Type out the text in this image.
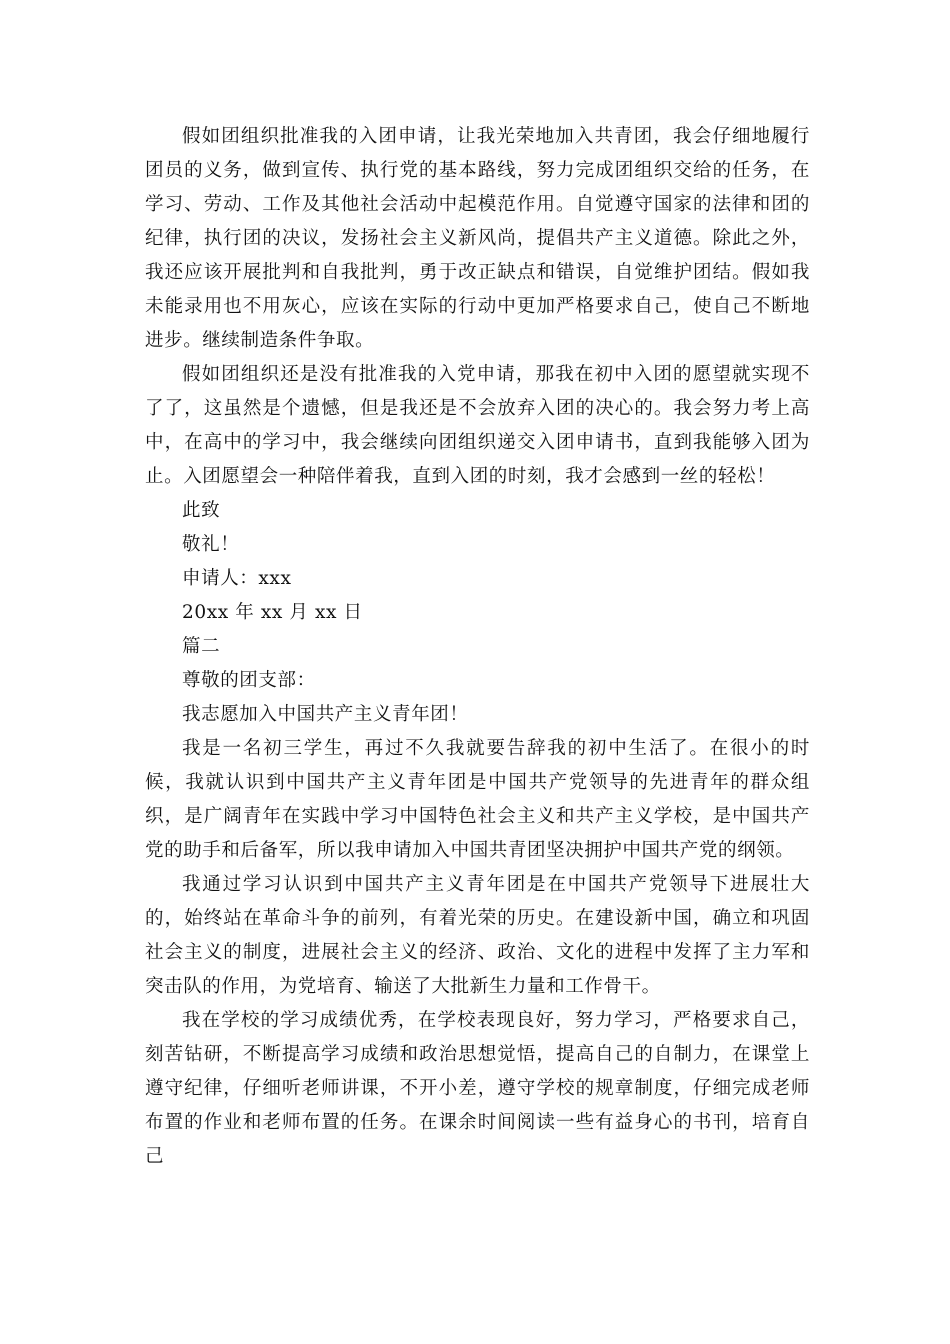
假如团组织批准我的入团申请，让我光荣地加入共青团，我会仔细地履行团员的义务，做到宣传、执行党的基本路线，努力完成团组织交给的任务，在学习、劳动、工作及其他社会活动中起模范作用。自觉遵守国家的法律和团的纪律，执行团的决议，发扬社会主义新风尚，提倡共产主义道德。除此之外，我还应该开展批判和自我批判，勇于改正缺点和错误，自觉维护团结。假如我未能录用也不用灰心，应该在实际的行动中更加严格要求自己，使自己不断地进步。继续制造条件争取。

假如团组织还是没有批准我的入党申请，那我在初中入团的愿望就实现不了了，这虽然是个遗憾，但是我还是不会放弃入团的决心的。我会努力考上高中，在高中的学习中，我会继续向团组织递交入团申请书，直到我能够入团为止。入团愿望会一种陪伴着我，直到入团的时刻，我才会感到一丝的轻松！

此致

敬礼！

申请人：xxx

20xx 年 xx 月 xx 日

篇二

尊敬的团支部：

我志愿加入中国共产主义青年团！

我是一名初三学生，再过不久我就要告辞我的初中生活了。在很小的时候，我就认识到中国共产主义青年团是中国共产党领导的先进青年的群众组织，是广阔青年在实践中学习中国特色社会主义和共产主义学校，是中国共产党的助手和后备军，所以我申请加入中国共青团坚决拥护中国共产党的纲领。

我通过学习认识到中国共产主义青年团是在中国共产党领导下进展壮大的，始终站在革命斗争的前列，有着光荣的历史。在建设新中国，确立和巩固社会主义的制度，进展社会主义的经济、政治、文化的进程中发挥了主力军和突击队的作用，为党培育、输送了大批新生力量和工作骨干。

我在学校的学习成绩优秀，在学校表现良好，努力学习，严格要求自己，刻苦钻研，不断提高学习成绩和政治思想觉悟，提高自己的自制力，在课堂上遵守纪律，仔细听老师讲课，不开小差，遵守学校的规章制度，仔细完成老师布置的作业和老师布置的任务。在课余时间阅读一些有益身心的书刊，培育自己
